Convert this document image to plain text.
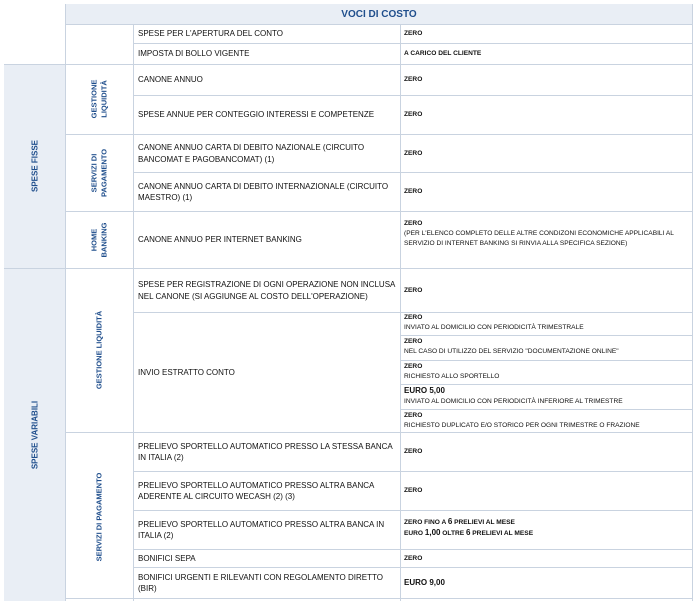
SPESE FISSE
SPESE VARIABILI
GESTIONE
LIQUIDITÀ
SERVIZI DI
PAGAMENTO
HOME
BANKING
GESTIONE LIQUIDITÀ
SERVIZI DI PAGAMENTO
VOCI DI COSTO
SPESE PER L'APERTURA DEL CONTO
IMPOSTA DI BOLLO VIGENTE
CANONE ANNUO
SPESE ANNUE PER CONTEGGIO INTERESSI E COMPETENZE
CANONE ANNUO CARTA DI DEBITO NAZIONALE (CIRCUITO BANCOMAT E PAGOBANCOMAT) (1)
CANONE ANNUO CARTA DI DEBITO INTERNAZIONALE (CIRCUITO MAESTRO) (1)
CANONE ANNUO PER INTERNET BANKING
SPESE PER REGISTRAZIONE DI OGNI OPERAZIONE NON INCLUSA NEL CANONE (SI AGGIUNGE AL COSTO DELL'OPERAZIONE)
INVIO ESTRATTO CONTO
PRELIEVO SPORTELLO AUTOMATICO PRESSO LA STESSA BANCA IN ITALIA (2)
PRELIEVO SPORTELLO AUTOMATICO PRESSO ALTRA BANCA ADERENTE AL CIRCUITO WECASH (2) (3)
PRELIEVO SPORTELLO AUTOMATICO PRESSO ALTRA BANCA IN ITALIA (2)
BONIFICI SEPA
BONIFICI URGENTI E RILEVANTI CON REGOLAMENTO DIRETTO (BIR)
ZERO
A CARICO DEL CLIENTE
ZERO
ZERO
ZERO
ZERO
ZERO
(PER L'ELENCO COMPLETO DELLE ALTRE CONDIZONI ECONOMICHE APPLICABILI AL SERVIZIO DI INTERNET BANKING SI RINVIA ALLA SPECIFICA SEZIONE)
ZERO
ZERO
INVIATO AL DOMICILIO CON PERIODICITÀ TRIMESTRALE
ZERO
NEL CASO DI UTILIZZO DEL SERVIZIO "DOCUMENTAZIONE ONLINE"
ZERO
RICHIESTO ALLO SPORTELLO
EURO 5,00
INVIATO AL DOMICILIO CON PERIODICITÀ INFERIORE AL TRIMESTRE
ZERO
RICHIESTO DUPLICATO E/O STORICO PER OGNI TRIMESTRE O FRAZIONE
ZERO
ZERO
ZERO FINO A 6 PRELIEVI AL MESE
EURO 1,00 OLTRE 6 PRELIEVI AL MESE
ZERO
EURO 9,00
